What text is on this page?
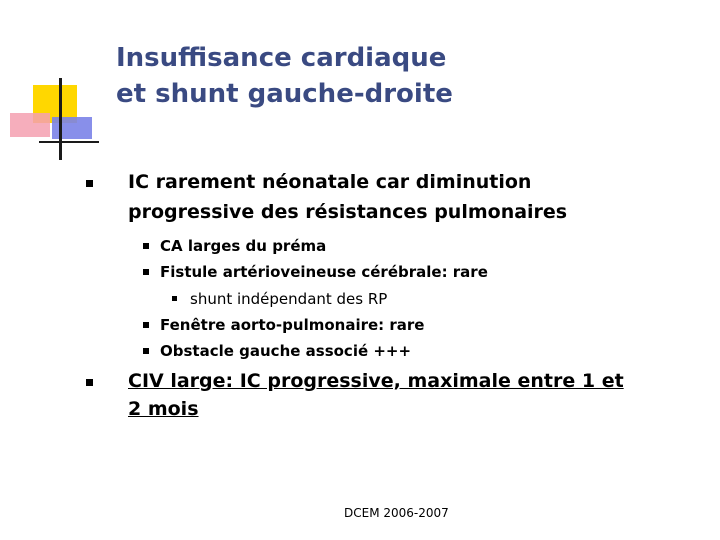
Insuffisance cardiaque
et shunt gauche-droite
IC rarement néonatale car diminution
progressive des résistances pulmonaires
CA larges du préma
Fistule artérioveineuse cérébrale: rare
shunt indépendant des RP
Fenêtre aorto-pulmonaire: rare
Obstacle gauche associé +++
CIV large: IC progressive, maximale entre 1 et
2 mois
DCEM 2006-2007
